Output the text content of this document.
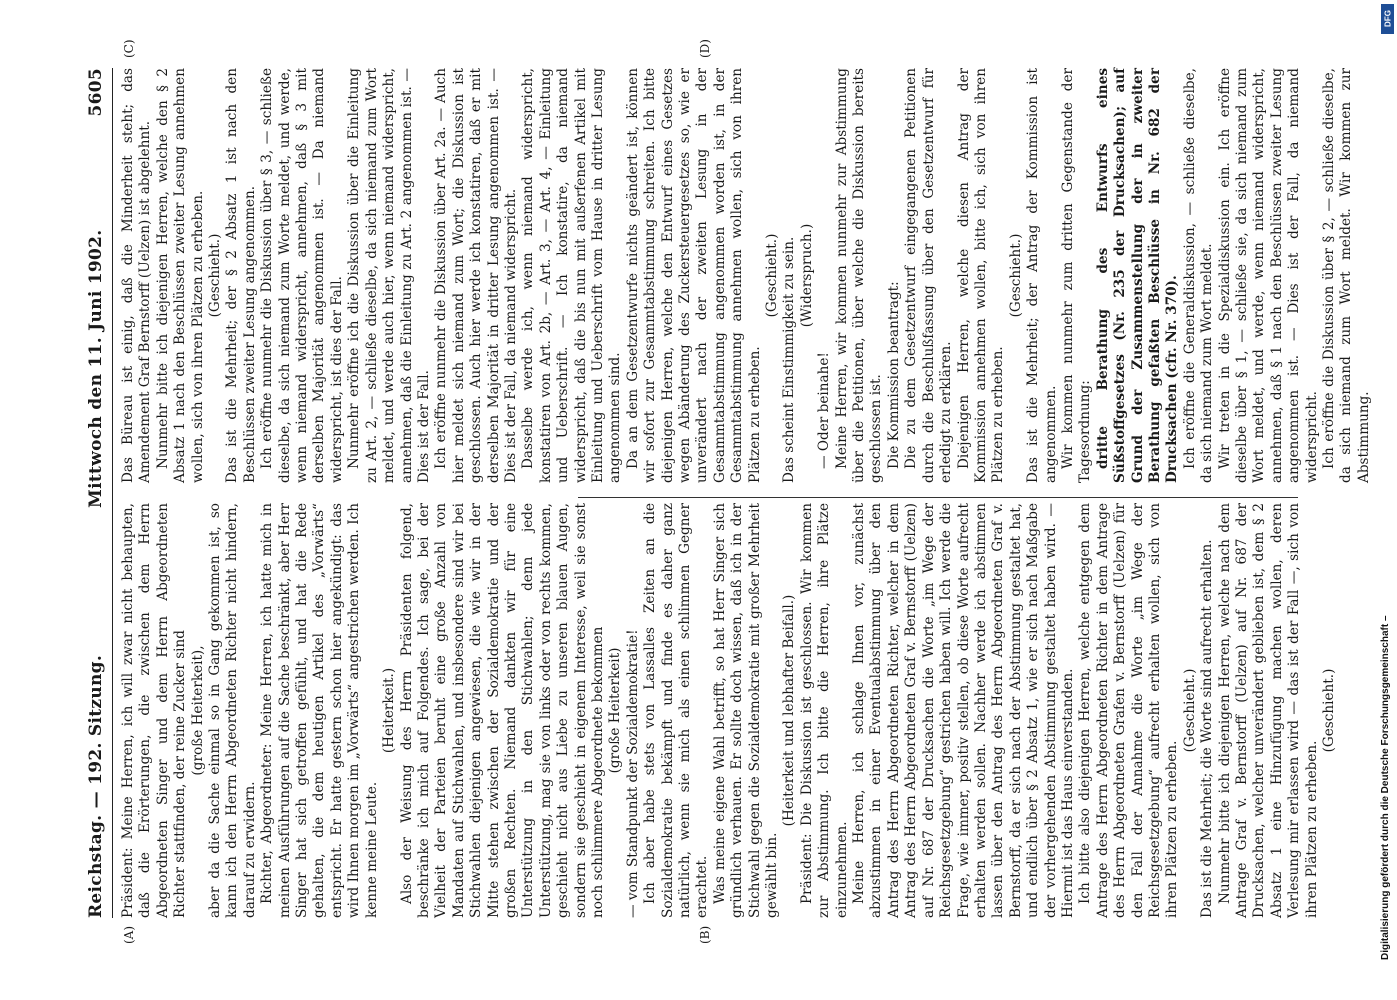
Reichstag. — 192. Sitzung.
Mittwoch den 11. Juni 1902.
5605
(A)	(B)
(C)	(D)

Präsident: Meine Herren, ich will zwar nicht behaupten, daß die Erörterungen, die zwischen dem Herrn Abgeordneten Singer und dem Herrn Abgeordneten Richter stattfinden, der reine Zucker sind (große Heiterkeit), aber da die Sache einmal so in Gang gekommen ist, so kann ich den Herrn Abgeordneten Richter nicht hindern, darauf zu erwidern. Richter, Abgeordneter: Meine Herren, ich hatte mich in meinen Ausführungen auf die Sache beschränkt, aber Herr Singer hat sich getroffen gefühlt, und hat die Rede gehalten, die dem heutigen Artikel des „Vorwärts“ entspricht. Er hatte gestern schon hier angekündigt: das wird Ihnen morgen im „Vorwärts“ angestrichen werden. Ich kenne meine Leute.

(Heiterkeit.) Also der Weisung des Herrn Präsidenten folgend, beschränke ich mich auf Folgendes. Ich sage, bei der Vielheit der Parteien beruht eine große Anzahl von Mandaten auf Stichwahlen, und insbesondere sind wir bei Stichwahlen diejenigen angewiesen, die wie wir in der Mitte stehen zwischen der Sozialdemokratie und der großen Rechten. Niemand dankten wir für eine Unterstützung in den Stichwahlen; denn jede Unterstützung, mag sie von links oder von rechts kommen, geschieht nicht aus Liebe zu unseren blauen Augen, sondern sie geschieht in eigenem Interesse, weil sie sonst noch schlimmere Abgeordnete bekommen (große Heiterkeit) — vom Standpunkt der Sozialdemokratie! Ich aber habe stets von Lassalles Zeiten an die Sozialdemokratie bekämpft und finde es daher ganz natürlich, wenn sie mich als einen schlimmen Gegner erachtet. Was meine eigene Wahl betrifft, so hat Herr Singer sich gründlich verhauen. Er sollte doch wissen, daß ich in der Stichwahl gegen die Sozialdemokratie mit großer Mehrheit gewählt bin.

(Heiterkeit und lebhafter Beifall.) Präsident: Die Diskussion ist geschlossen. Wir kommen zur Abstimmung. Ich bitte die Herren, ihre Plätze einzunehmen. Meine Herren, ich schlage Ihnen vor, zunächst abzustimmen in einer Eventualabstimmung über den Antrag des Herrn Abgeordneten Richter, welcher in dem Antrag des Herrn Abgeordneten Graf v. Bernstorff (Uelzen) auf Nr. 687 der Drucksachen die Worte „im Wege der Reichsgesetzgebung“ gestrichen haben will. Ich werde die Frage, wie immer, positiv stellen, ob diese Worte aufrecht erhalten werden sollen. Nachher werde ich abstimmen lassen über den Antrag des Herrn Abgeordneten Graf v. Bernstorff, da er sich nach der Abstimmung gestaltet hat, und endlich über § 2 Absatz 1, wie er sich nach Maßgabe der vorhergehenden Abstimmung gestaltet haben wird. — Hiermit ist das Haus einverstanden. Ich bitte also diejenigen Herren, welche entgegen dem Antrage des Herrn Abgeordneten Richter in dem Antrage des Herrn Abgeordneten Grafen v. Bernstorff (Uelzen) für den Fall der Annahme die Worte „im Wege der Reichsgesetzgebung“ aufrecht erhalten wollen, sich von ihren Plätzen zu erheben.

(Geschieht.) Das ist die Mehrheit; die Worte sind aufrecht erhalten. Nunmehr bitte ich diejenigen Herren, welche nach dem Antrage Graf v. Bernstorff (Uelzen) auf Nr. 687 der Drucksachen, welcher unverändert geblieben ist, dem § 2 Absatz 1 eine Hinzufügung machen wollen, deren Verlesung mir erlassen wird — das ist der Fall —, sich von ihren Plätzen zu erheben.

(Geschieht.)

Das Büreau ist einig, daß die Minderheit steht; das Amendement Graf Bernstorff (Uelzen) ist abgelehnt. Nunmehr bitte ich diejenigen Herren, welche den § 2 Absatz 1 nach den Beschlüssen zweiter Lesung annehmen wollen, sich von ihren Plätzen zu erheben. (Geschieht.) Das ist die Mehrheit; der § 2 Absatz 1 ist nach den Beschlüssen zweiter Lesung angenommen. Ich eröffne nunmehr die Diskussion über § 3, — schließe dieselbe, da sich niemand zum Worte meldet, und werde, wenn niemand widerspricht, annehmen, daß § 3 mit derselben Majorität angenommen ist. — Da niemand widerspricht, ist dies der Fall. Nunmehr eröffne ich die Diskussion über die Einleitung zu Art. 2, — schließe dieselbe, da sich niemand zum Wort meldet, und werde auch hier, wenn niemand widerspricht, annehmen, daß die Einleitung zu Art. 2 angenommen ist. — Dies ist der Fall. Ich eröffne nunmehr die Diskussion über Art. 2a. — Auch hier meldet sich niemand zum Wort; die Diskussion ist geschlossen. Auch hier werde ich konstatiren, daß er mit derselben Majorität in dritter Lesung angenommen ist. — Dies ist der Fall, da niemand widerspricht. Dasselbe werde ich, wenn niemand widerspricht, konstatiren von Art. 2b, — Art. 3, — Art. 4, — Einleitung und Ueberschrift. — Ich konstatire, da niemand widerspricht, daß die bis nun mit außerfenen Artikel mit Einleitung und Ueberschrift vom Hause in dritter Lesung angenommen sind. Da an dem Gesetzentwurfe nichts geändert ist, können wir sofort zur Gesammtabstimmung schreiten. Ich bitte diejenigen Herren, welche den Entwurf eines Gesetzes wegen Abänderung des Zuckersteuergesetzes so, wie er unverändert nach der zweiten Lesung in der Gesammtabstimmung angenommen worden ist, in der Gesammtabstimmung annehmen wollen, sich von ihren Plätzen zu erheben.

(Geschieht.) Das scheint Einstimmigkeit zu sein. (Widerspruch.)

— Oder beinahe! Meine Herren, wir kommen nunmehr zur Abstimmung über die Petitionen, über welche die Diskussion bereits geschlossen ist. Die Kommission beantragt: Die zu dem Gesetzentwurf eingegangenen Petitionen durch die Beschlußfassung über den Gesetzentwurf für erledigt zu erklären. Diejenigen Herren, welche diesen Antrag der Kommission annehmen wollen, bitte ich, sich von ihren Plätzen zu erheben.

(Geschieht.) Das ist die Mehrheit; der Antrag der Kommission ist angenommen. Wir kommen nunmehr zum dritten Gegenstande der Tagesordnung: dritte Berathung des Entwurfs eines Süßstoffgesetzes (Nr. 235 der Drucksachen); auf Grund der Zusammenstellung der in zweiter Berathung gefaßten Beschlüsse in Nr. 682 der Drucksachen (cfr. Nr. 370). Ich eröffne die Generaldiskussion, — schließe dieselbe, da sich niemand zum Wort meldet. Wir treten in die Spezialdiskussion ein. Ich eröffne dieselbe über § 1, — schließe sie, da sich niemand zum Wort meldet, und werde, wenn niemand widerspricht, annehmen, daß § 1 nach den Beschlüssen zweiter Lesung angenommen ist. — Dies ist der Fall, da niemand widerspricht. Ich eröffne die Diskussion über § 2, — schließe dieselbe, da sich niemand zum Wort meldet. Wir kommen zur Abstimmung.

DFG
Digitalisierung gefördert durch die Deutsche Forschungsgemeinschaft –
